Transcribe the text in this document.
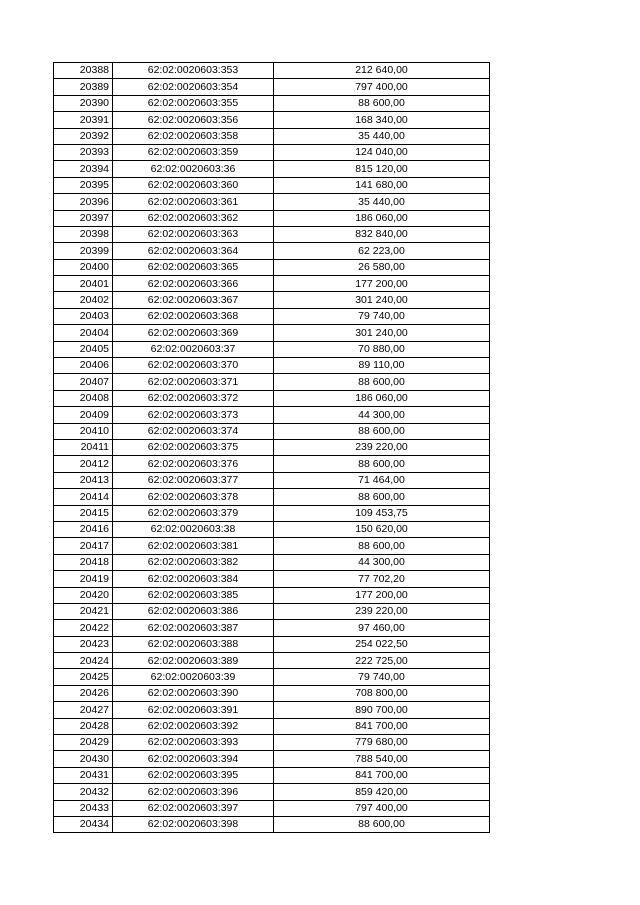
20388	62:02:0020603:353	212 640,00
20389	62:02:0020603:354	797 400,00
20390	62:02:0020603:355	88 600,00
20391	62:02:0020603:356	168 340,00
20392	62:02:0020603:358	35 440,00
20393	62:02:0020603:359	124 040,00
20394	62:02:0020603:36	815 120,00
20395	62:02:0020603:360	141 680,00
20396	62:02:0020603:361	35 440,00
20397	62:02:0020603:362	186 060,00
20398	62:02:0020603:363	832 840,00
20399	62:02:0020603:364	62 223,00
20400	62:02:0020603:365	26 580,00
20401	62:02:0020603:366	177 200,00
20402	62:02:0020603:367	301 240,00
20403	62:02:0020603:368	79 740,00
20404	62:02:0020603:369	301 240,00
20405	62:02:0020603:37	70 880,00
20406	62:02:0020603:370	89 110,00
20407	62:02:0020603:371	88 600,00
20408	62:02:0020603:372	186 060,00
20409	62:02:0020603:373	44 300,00
20410	62:02:0020603:374	88 600,00
20411	62:02:0020603:375	239 220,00
20412	62:02:0020603:376	88 600,00
20413	62:02:0020603:377	71 464,00
20414	62:02:0020603:378	88 600,00
20415	62:02:0020603:379	109 453,75
20416	62:02:0020603:38	150 620,00
20417	62:02:0020603:381	88 600,00
20418	62:02:0020603:382	44 300,00
20419	62:02:0020603:384	77 702,20
20420	62:02:0020603:385	177 200,00
20421	62:02:0020603:386	239 220,00
20422	62:02:0020603:387	97 460,00
20423	62:02:0020603:388	254 022,50
20424	62:02:0020603:389	222 725,00
20425	62:02:0020603:39	79 740,00
20426	62:02:0020603:390	708 800,00
20427	62:02:0020603:391	890 700,00
20428	62:02:0020603:392	841 700,00
20429	62:02:0020603:393	779 680,00
20430	62:02:0020603:394	788 540,00
20431	62:02:0020603:395	841 700,00
20432	62:02:0020603:396	859 420,00
20433	62:02:0020603:397	797 400,00
20434	62:02:0020603:398	88 600,00
